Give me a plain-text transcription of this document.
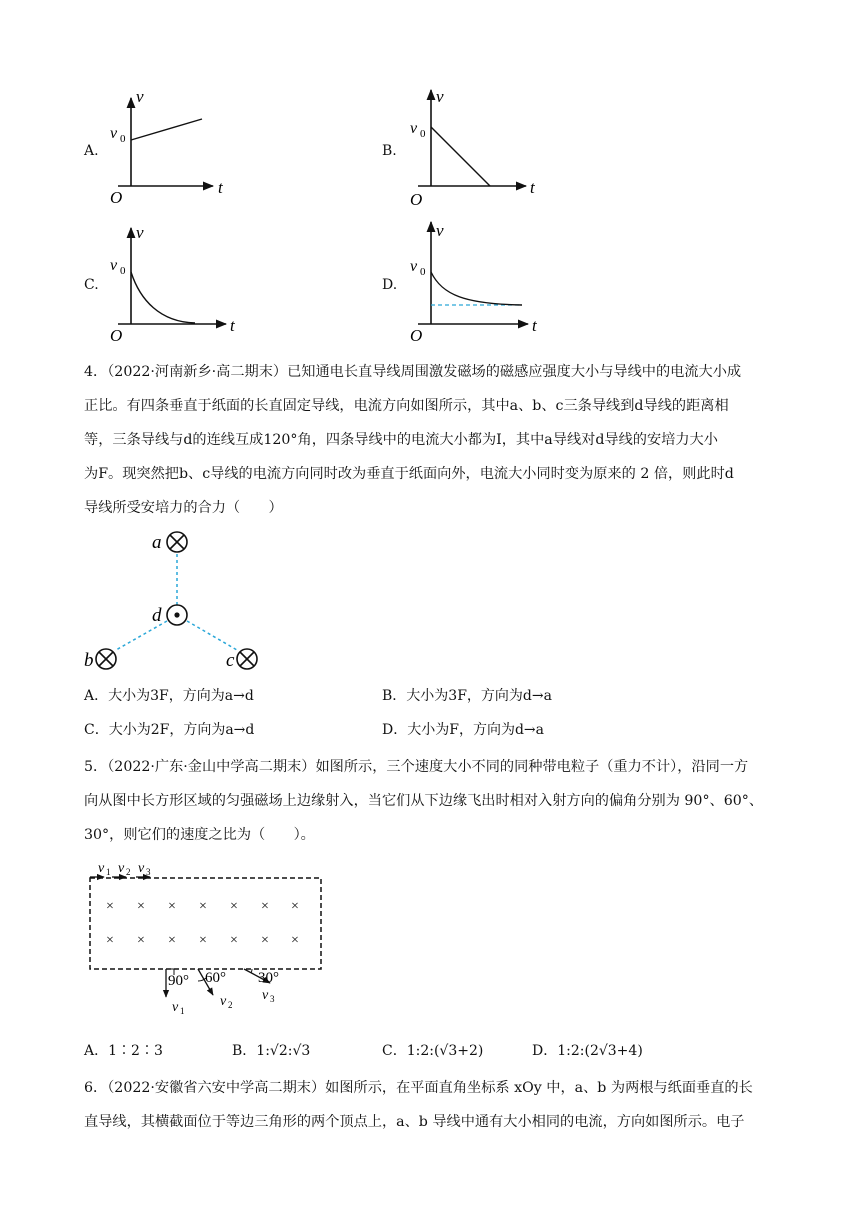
A.	B.
C.	D.
v
v 0
t
O
v
v 0
t
O
v
v 0
t
O
v
v 0
t
O

4．（2022·河南新乡·高二期末）已知通电长直导线周围激发磁场的磁感应强度大小与导线中的电流大小成

正比。有四条垂直于纸面的长直固定导线，电流方向如图所示，其中a、b、c三条导线到d导线的距离相

等，三条导线与d的连线互成120°角，四条导线中的电流大小都为I，其中a导线对d导线的安培力大小

为F。现突然把b、c导线的电流方向同时改为垂直于纸面向外，电流大小同时变为原来的 2 倍，则此时d

导线所受安培力的合力（　　）

a
d
b	c
A．大小为3F，方向为a→d	B．大小为3F，方向为d→a
C．大小为2F，方向为a→d	D．大小为F，方向为d→a

5．（2022·广东·金山中学高二期末）如图所示，三个速度大小不同的同种带电粒子（重力不计），沿同一方

向从图中长方形区域的匀强磁场上边缘射入，当它们从下边缘飞出时相对入射方向的偏角分别为 90°、60°、

30°，则它们的速度之比为（　　）。

v 1 v 2 v 3
× × × × × × ×
× × × × × × ×
90° 60° 30°
v 1
v 2
v 3
A．1∶2∶3	B．1:√2:√3	C．1:2:(√3+2)	D．1:2:(2√3+4)

6．（2022·安徽省六安中学高二期末）如图所示，在平面直角坐标系 xOy 中，a、b 为两根与纸面垂直的长

直导线，其横截面位于等边三角形的两个顶点上，a、b 导线中通有大小相同的电流，方向如图所示。电子
